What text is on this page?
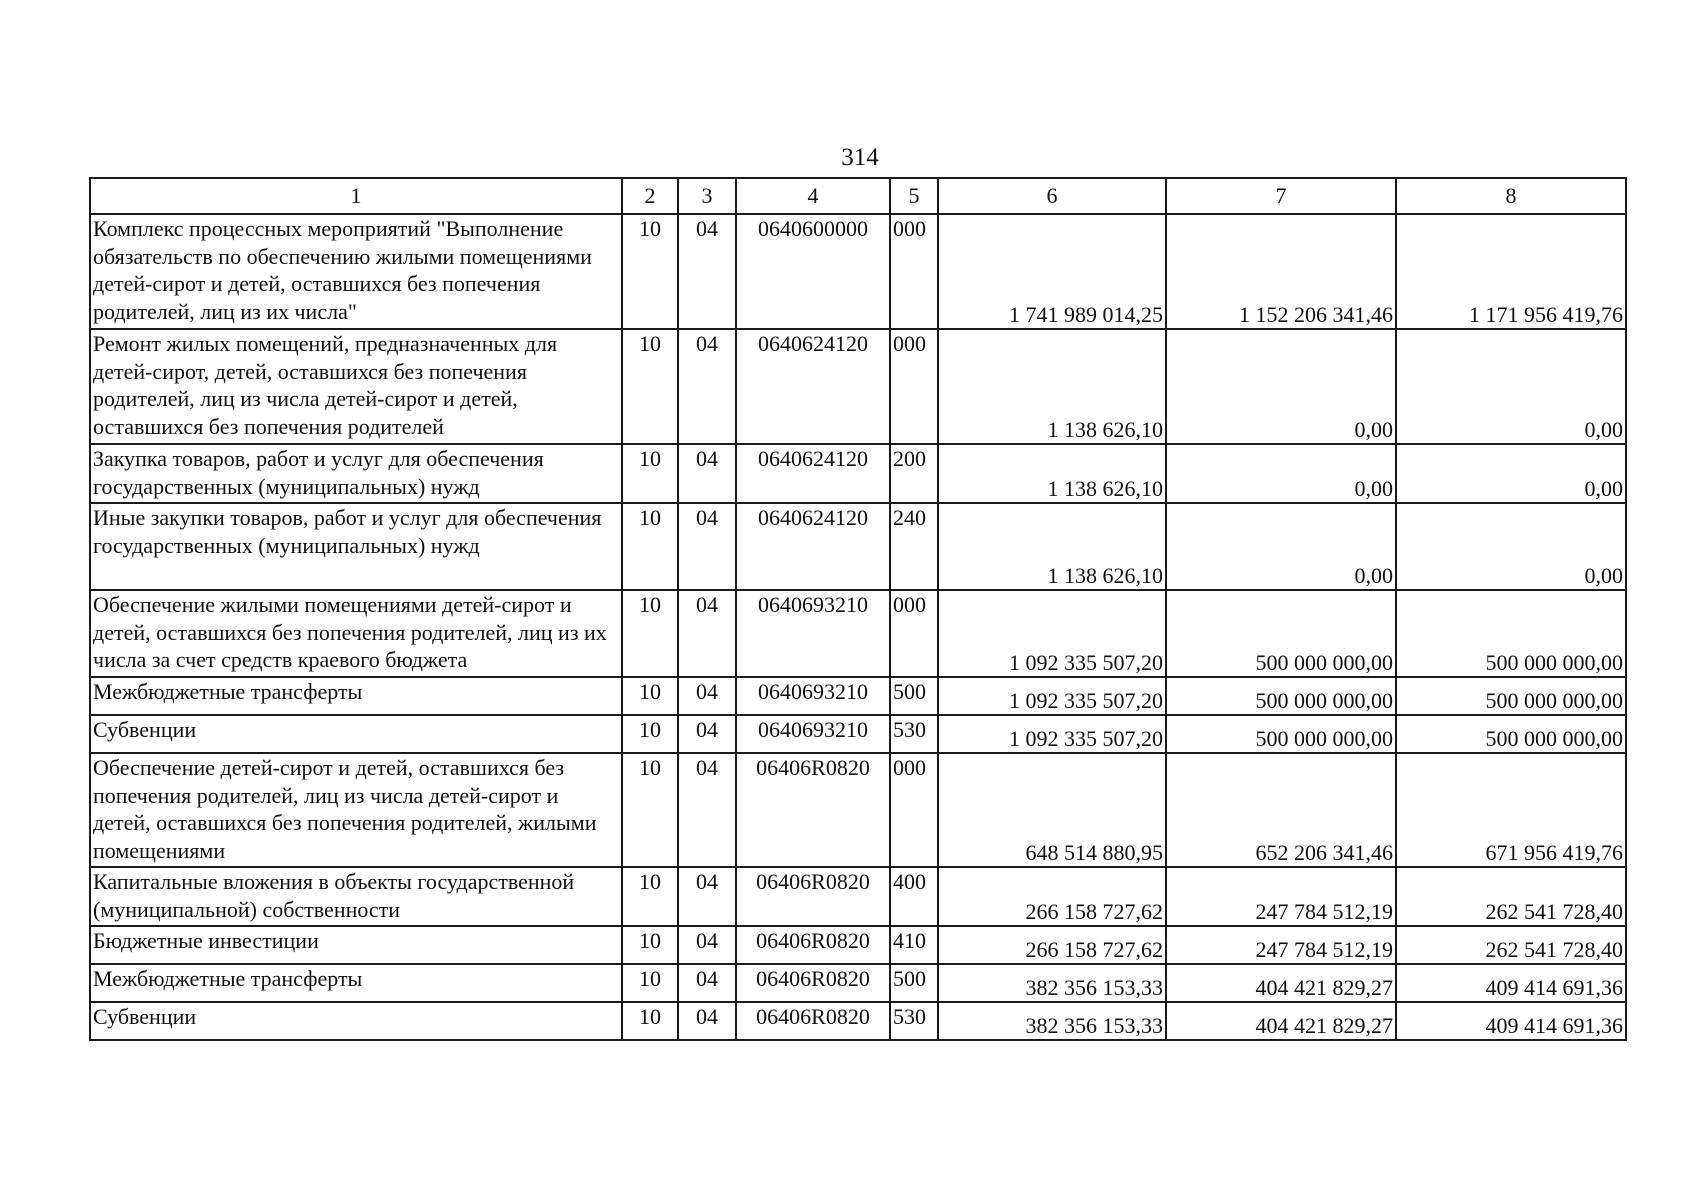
314
1	2	3	4	5	6	7	8
Комплекс процессных мероприятий "Выполнение обязательств по обеспечению жилыми помещениями детей-сирот и детей, оставшихся без попечения родителей, лиц из их числа"	10	04	0640600000	000	1 741 989 014,25	1 152 206 341,46	1 171 956 419,76
Ремонт жилых помещений, предназначенных для детей-сирот, детей, оставшихся без попечения родителей, лиц из числа детей-сирот и детей, оставшихся без попечения родителей	10	04	0640624120	000	1 138 626,10	0,00	0,00
Закупка товаров, работ и услуг для обеспечения государственных (муниципальных) нужд	10	04	0640624120	200	1 138 626,10	0,00	0,00
Иные закупки товаров, работ и услуг для обеспечения государственных (муниципальных) нужд	10	04	0640624120	240	1 138 626,10	0,00	0,00
Обеспечение жилыми помещениями детей-сирот и детей, оставшихся без попечения родителей, лиц из их числа за счет средств краевого бюджета	10	04	0640693210	000	1 092 335 507,20	500 000 000,00	500 000 000,00
Межбюджетные трансферты	10	04	0640693210	500	1 092 335 507,20	500 000 000,00	500 000 000,00
Субвенции	10	04	0640693210	530	1 092 335 507,20	500 000 000,00	500 000 000,00
Обеспечение детей-сирот и детей, оставшихся без попечения родителей, лиц из числа детей-сирот и детей, оставшихся без попечения родителей, жилыми помещениями	10	04	06406R0820	000	648 514 880,95	652 206 341,46	671 956 419,76
Капитальные вложения в объекты государственной (муниципальной) собственности	10	04	06406R0820	400	266 158 727,62	247 784 512,19	262 541 728,40
Бюджетные инвестиции	10	04	06406R0820	410	266 158 727,62	247 784 512,19	262 541 728,40
Межбюджетные трансферты	10	04	06406R0820	500	382 356 153,33	404 421 829,27	409 414 691,36
Субвенции	10	04	06406R0820	530	382 356 153,33	404 421 829,27	409 414 691,36
